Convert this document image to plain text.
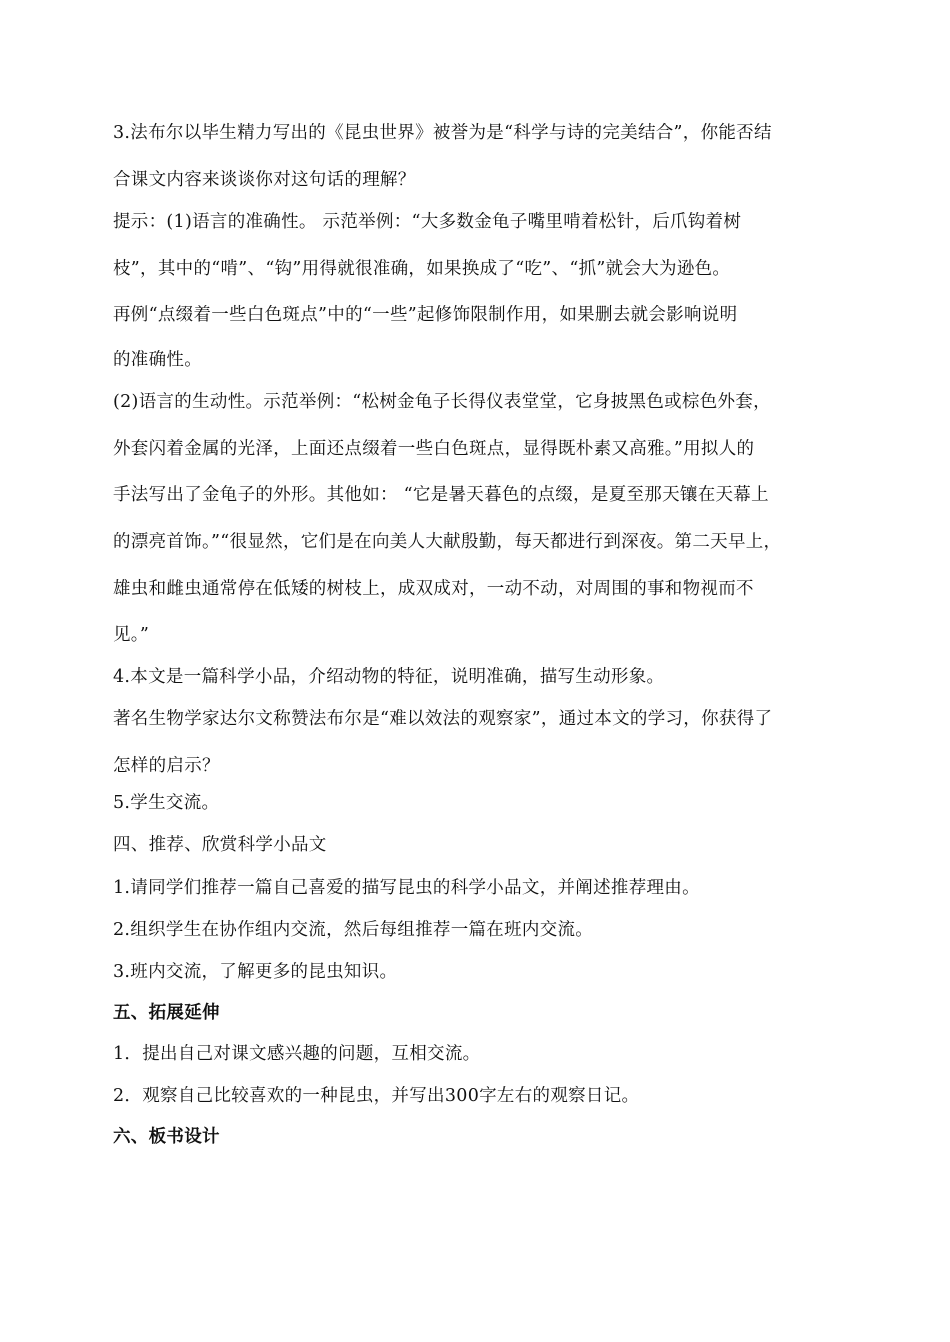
3.法布尔以毕生精力写出的《昆虫世界》被誉为是“科学与诗的完美结合”，你能否结
合课文内容来谈谈你对这句话的理解？
提示：(1)语言的准确性。 示范举例：“大多数金龟子嘴里啃着松针，后爪钩着树
枝”，其中的“啃”、“钩”用得就很准确，如果换成了“吃”、“抓”就会大为逊色。
再例“点缀着一些白色斑点”中的“一些”起修饰限制作用，如果删去就会影响说明
的准确性。
(2)语言的生动性。示范举例：“松树金龟子长得仪表堂堂，它身披黑色或棕色外套，
外套闪着金属的光泽，上面还点缀着一些白色斑点，显得既朴素又高雅。”用拟人的
手法写出了金龟子的外形。其他如： “它是暑天暮色的点缀，是夏至那天镶在天幕上
的漂亮首饰。”“很显然，它们是在向美人大献殷勤，每天都进行到深夜。第二天早上，
雄虫和雌虫通常停在低矮的树枝上，成双成对，一动不动，对周围的事和物视而不
见。”
4.本文是一篇科学小品，介绍动物的特征，说明准确，描写生动形象。
著名生物学家达尔文称赞法布尔是“难以效法的观察家”，通过本文的学习，你获得了
怎样的启示？
5.学生交流。
四、推荐、欣赏科学小品文
1.请同学们推荐一篇自己喜爱的描写昆虫的科学小品文，并阐述推荐理由。
2.组织学生在协作组内交流，然后每组推荐一篇在班内交流。
3.班内交流，了解更多的昆虫知识。
五、拓展延伸
1．提出自己对课文感兴趣的问题，互相交流。
2．观察自己比较喜欢的一种昆虫，并写出300字左右的观察日记。
六、板书设计
